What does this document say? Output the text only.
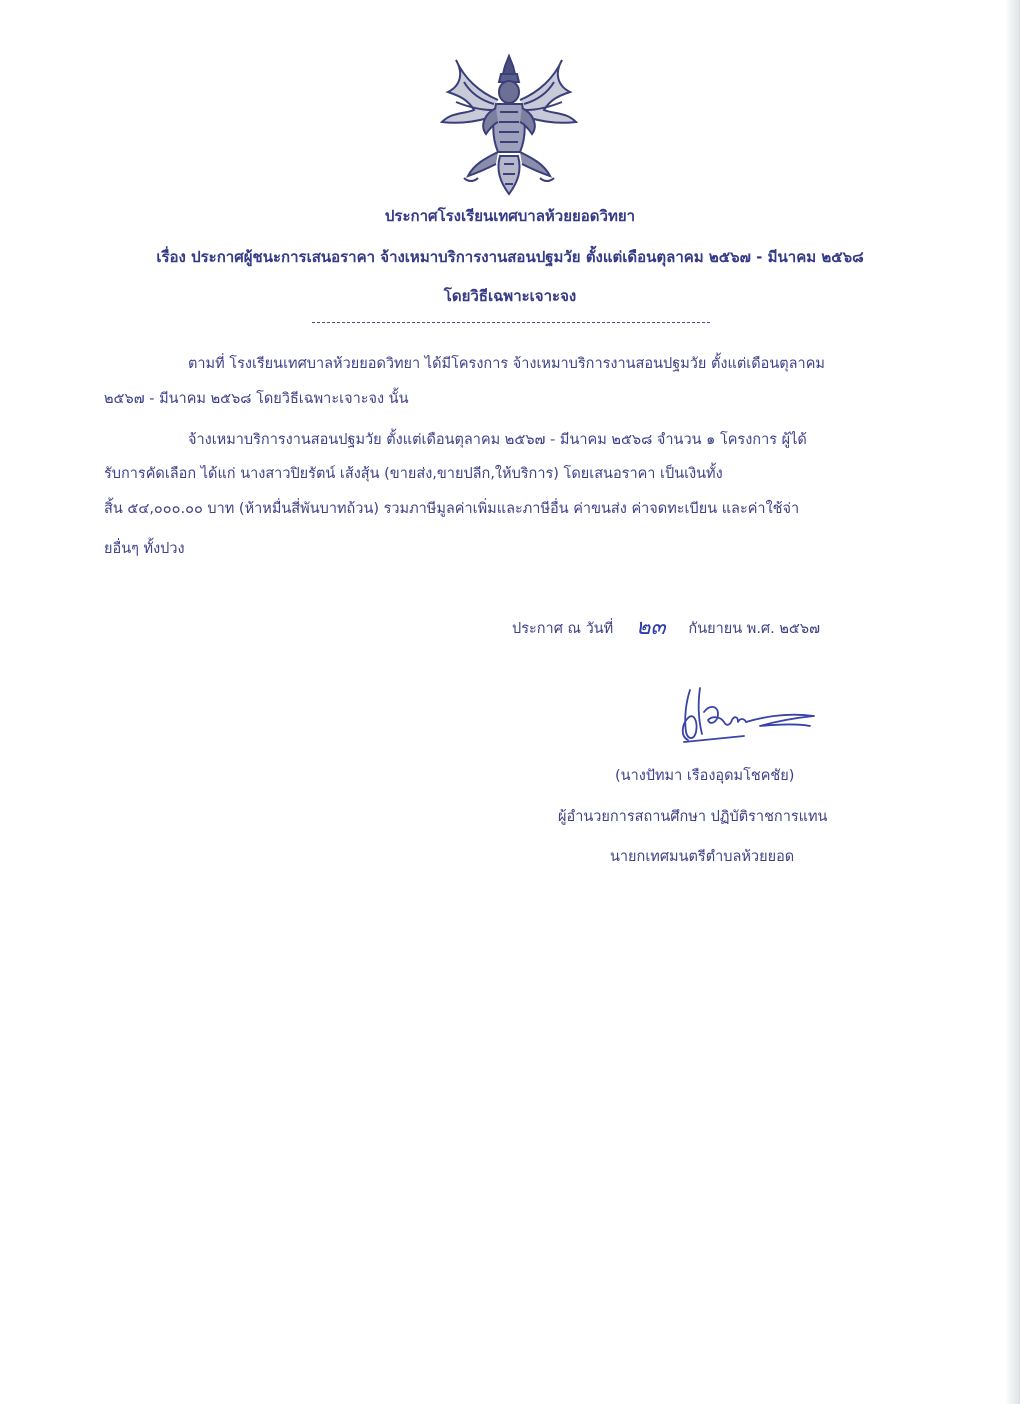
ประกาศโรงเรียนเทศบาลห้วยยอดวิทยา
เรื่อง ประกาศผู้ชนะการเสนอราคา จ้างเหมาบริการงานสอนปฐมวัย ตั้งแต่เดือนตุลาคม ๒๕๖๗ - มีนาคม ๒๕๖๘
โดยวิธีเฉพาะเจาะจง
ตามที่ โรงเรียนเทศบาลห้วยยอดวิทยา ได้มีโครงการ จ้างเหมาบริการงานสอนปฐมวัย ตั้งแต่เดือนตุลาคม
๒๕๖๗ - มีนาคม ๒๕๖๘ โดยวิธีเฉพาะเจาะจง นั้น
จ้างเหมาบริการงานสอนปฐมวัย ตั้งแต่เดือนตุลาคม ๒๕๖๗ - มีนาคม ๒๕๖๘ จำนวน ๑ โครงการ ผู้ได้
รับการคัดเลือก ได้แก่ นางสาวปิยรัตน์ เส้งสุ้น (ขายส่ง,ขายปลีก,ให้บริการ) โดยเสนอราคา เป็นเงินทั้ง
สิ้น ๕๔,๐๐๐.๐๐ บาท (ห้าหมื่นสี่พันบาทถ้วน) รวมภาษีมูลค่าเพิ่มและภาษีอื่น ค่าขนส่ง ค่าจดทะเบียน และค่าใช้จ่า
ยอื่นๆ ทั้งปวง
ประกาศ ณ วันที่ ๒๓ กันยายน พ.ศ. ๒๕๖๗
(นางปัทมา เรืองอุดมโชคชัย)
ผู้อำนวยการสถานศึกษา ปฏิบัติราชการแทน
นายกเทศมนตรีตำบลห้วยยอด
